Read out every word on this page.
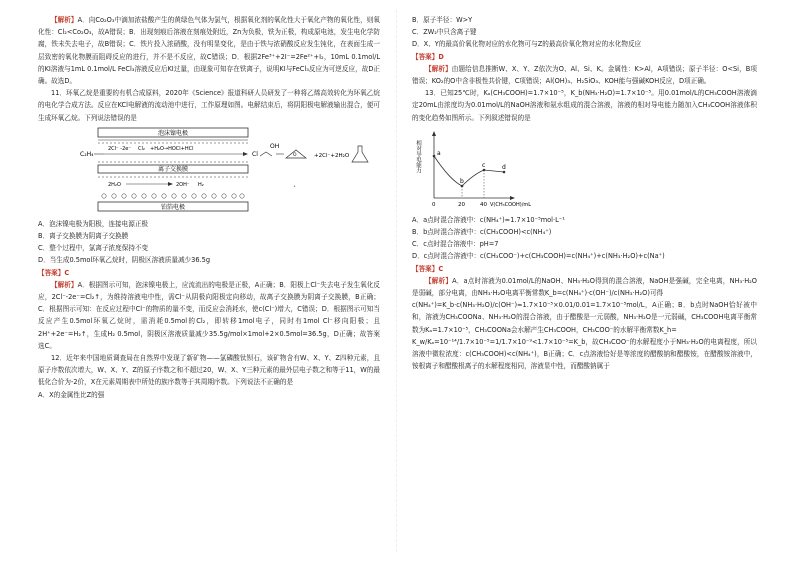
【解析】A．向Co₂O₃中滴加浓盐酸产生的黄绿色气体为氯气，根据氧化剂的氧化性大于氧化产物的氧化性，则氧化性：Cl₂<Co₂O₃，故A错误；B．出现刻痕后溶液在刻痕处附近，Zn为负极，铁为正极，构成原电池，发生电化学防腐，铁未失去电子，故B错误；C．铁片投入浓硝酸，没有明显变化，是由于铁与浓硝酸反应发生钝化，在表面生成一层致密的氧化物膜而阻碍反应的进行，并不是不反应，故C错误；D．根据2Fe³⁺+2I⁻=2Fe²⁺+I₂，10mL 0.1mol/L的KI溶液与1mL 0.1mol/L FeCl₃溶液反应后KI过量，由现象可知存在铁离子，说明KI与FeCl₃反应为可逆反应，故D正确。故选D。

11．环氧乙烷是重要的有机合成原料，2020年《Science》报道科研人员研发了一种将乙烯高效转化为环氧乙烷的电化学合成方法。反应在KCl电解液的流动池中进行，工作原理如图。电解结束后，将阴阳极电解液输出混合，便可生成环氧乙烷。下列说法错误的是

泡沫镍电极
C₂H₄
2Cl⁻ -2e⁻ Cl₂ +H₂O→HOCl+HCl
Cl
OH
离子交换膜
2H₂O	2OH⁻ H₂
铂箔电极
O	+2Cl⁻+2H₂O
•

A．泡沫镍电极为阳极，连接电源正极

B．离子交换膜为阴离子交换膜

C．整个过程中，氯离子浓度保持不变

D．当生成0.5mol环氧乙烷时，阴极区溶液质量减少36.5g

【答案】C

【解析】A．根据图示可知，泡沫镍电极上，应流流出的电极是正极，A正确；B．阳极上Cl⁻失去电子发生氧化反应，2Cl⁻-2e⁻=Cl₂↑，为维持溶液电中性，需Cl⁻从阴极向阳极定向移动，故离子交换膜为阴离子交换膜，B正确；C．根据图示可知：在反应过程中Cl⁻的物质的量不变，而反应会消耗水，使c(Cl⁻)增大，C错误；D．根据图示可知当反应产生0.5mol环氧乙烷时，需消耗0.5mol的Cl₂，即转移1mol电子，同时有1mol Cl⁻移向阳极；且2H⁺+2e⁻=H₂↑，生成H₂ 0.5mol，阴极区溶液质量减少35.5g/mol×1mol+2×0.5mol=36.5g，D正确；故答案选C。

12．近年来中国地质调查局在自然界中发现了新矿物——氯磷酸钛钡石，该矿物含有W、X、Y、Z四种元素，且原子序数依次增大，W、X、Y、Z的原子序数之和不超过20，W、X、Y三种元素的最外层电子数之和等于11，W的最低化合价为-2价，X在元素周期表中所处的族序数等于其周期序数。下列说法不正确的是

A．X的金属性比Z的强

B．原子半径：W>Y

C．ZW₂中只含离子键

D．X、Y的最高价氧化物对应的水化物可与Z的最高价氧化物对应的水化物反应

【答案】D

【解析】由题给信息推断W、X、Y、Z依次为O、Al、Si、K。金属性：K>Al，A项错误；原子半径：O<Si，B项错误；KO₂的O中含非极性共价键，C项错误；Al(OH)₃、H₂SiO₃、KOH能与强碱KOH反应，D项正确。

13．已知25℃时，Kₐ(CH₃COOH)=1.7×10⁻⁵，K_b(NH₃·H₂O)=1.7×10⁻⁵。用0.01mol/L的CH₃COOH溶液滴定20mL由浓度均为0.01mol/L的NaOH溶液和氨水组成的混合溶液，溶液的相对导电能力随加入CH₃COOH溶液体积的变化趋势如图所示。下列叙述错误的是

相对导电能力	a
b
c	d
0	20	40 V(CH₃COOH)/mL

A．a点时混合溶液中：c(NH₄⁺)≈1.7×10⁻⁵mol·L⁻¹

B．b点时混合溶液中：c(CH₃COOH)<c(NH₄⁺)

C．c点时混合溶液中：pH=7

D．c点时混合溶液中：c(CH₃COO⁻)+c(CH₃COOH)=c(NH₄⁺)+c(NH₃·H₂O)+c(Na⁺)

【答案】C

【解析】A．a点时溶液为0.01mol/L的NaOH、NH₃·H₂O得到的混合溶液，NaOH是强碱，完全电离，NH₃·H₂O是弱碱，部分电离，由NH₃·H₂O电离平衡常数K_b=c(NH₄⁺)·c(OH⁻)/c(NH₃·H₂O)可得

c(NH₄⁺)=K_b·c(NH₃·H₂O)/c(OH⁻)≈1.7×10⁻⁵×0.01/0.01=1.7×10⁻⁵mol/L，A正确；B．b点时NaOH恰好被中和，溶液为CH₃COONa、NH₃·H₂O的混合溶液，由于醋酸是一元弱酸，NH₃·H₂O是一元弱碱，CH₃COOH电离平衡常数为Kₐ=1.7×10⁻⁵，CH₃COONa会水解产生CH₃COOH，CH₃COO⁻的水解平衡常数K_h=

K_w/Kₐ=10⁻¹⁴/1.7×10⁻⁵=1/1.7×10⁻⁹<1.7×10⁻⁵=K_b，故CH₃COO⁻的水解程度小于NH₃·H₂O的电离程度，所以溶液中微粒浓度：c(CH₃COOH)<c(NH₄⁺)，B正确；C．c点溶液恰好是等浓度的醋酸钠和醋酸铵，在醋酸铵溶液中，铵根离子和醋酸根离子的水解程度相同，溶液显中性，而醋酸钠属于
